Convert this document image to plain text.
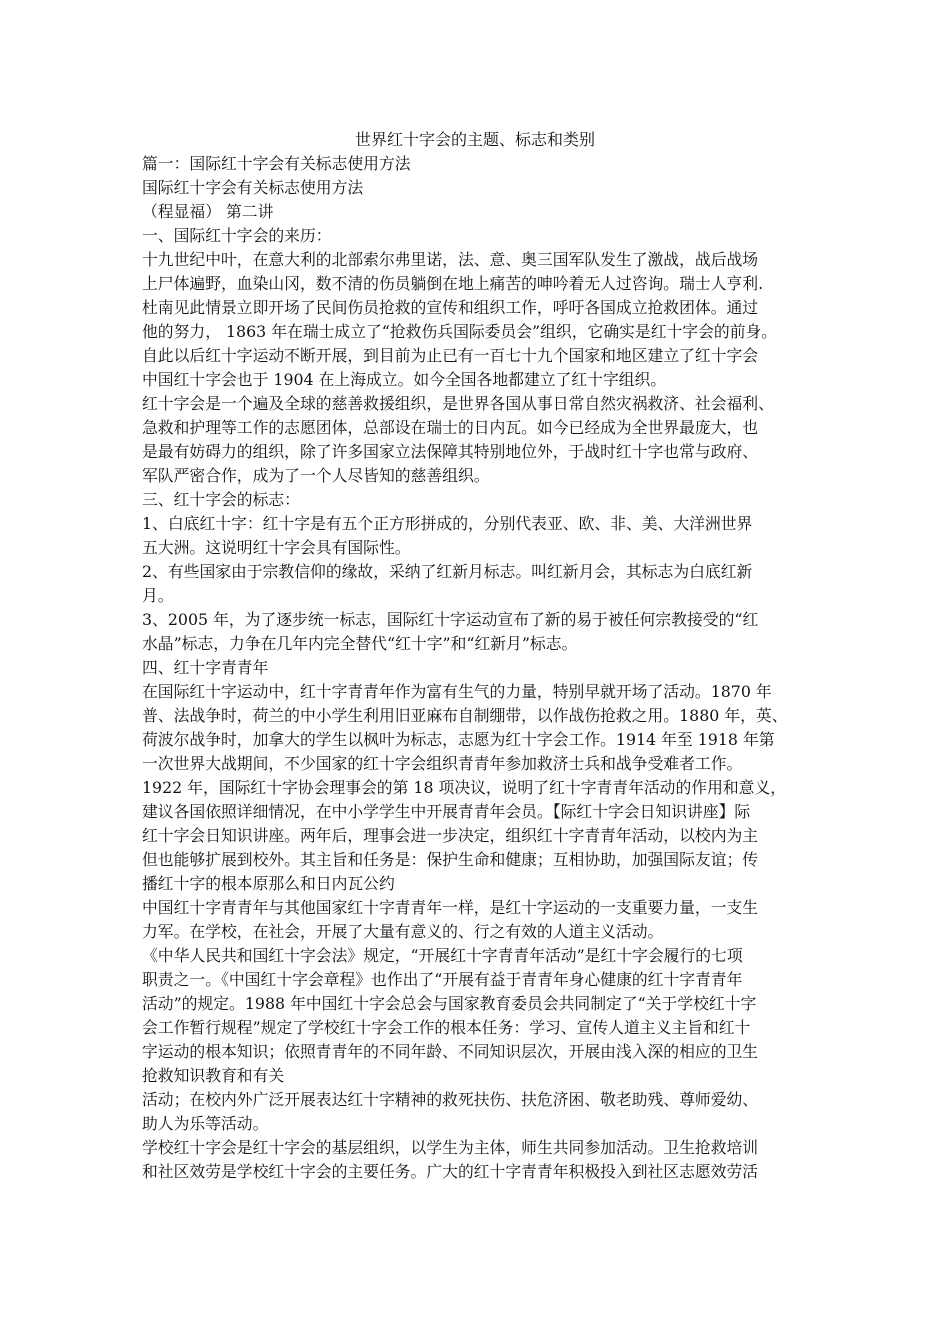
世界红十字会的主题、标志和类别
篇一：国际红十字会有关标志使用方法
国际红十字会有关标志使用方法
（程显福） 第二讲
一、国际红十字会的来历：
十九世纪中叶，在意大利的北部索尔弗里诺，法、意、奥三国军队发生了激战，战后战场
上尸体遍野，血染山冈，数不清的伤员躺倒在地上痛苦的呻吟着无人过咨询。瑞士人亨利.
杜南见此情景立即开场了民间伤员抢救的宣传和组织工作，呼吁各国成立抢救团体。通过
他的努力， 1863 年在瑞士成立了“抢救伤兵国际委员会”组织，它确实是红十字会的前身。
自此以后红十字运动不断开展，到目前为止已有一百七十九个国家和地区建立了红十字会
中国红十字会也于 1904 在上海成立。如今全国各地都建立了红十字组织。
红十字会是一个遍及全球的慈善救援组织，是世界各国从事日常自然灾祸救济、社会福利、
急救和护理等工作的志愿团体，总部设在瑞士的日内瓦。如今已经成为全世界最庞大，也
是最有妨碍力的组织，除了许多国家立法保障其特别地位外，于战时红十字也常与政府、
军队严密合作，成为了一个人尽皆知的慈善组织。
三、红十字会的标志：
1、白底红十字：红十字是有五个正方形拼成的，分别代表亚、欧、非、美、大洋洲世界
五大洲。这说明红十字会具有国际性。
2、有些国家由于宗教信仰的缘故，采纳了红新月标志。叫红新月会，其标志为白底红新
月。
3、2005 年，为了逐步统一标志，国际红十字运动宣布了新的易于被任何宗教接受的“红
水晶”标志，力争在几年内完全替代“红十字”和“红新月”标志。
四、红十字青青年
在国际红十字运动中，红十字青青年作为富有生气的力量，特别早就开场了活动。1870 年
普、法战争时，荷兰的中小学生利用旧亚麻布自制绷带，以作战伤抢救之用。1880 年，英、
荷波尔战争时，加拿大的学生以枫叶为标志，志愿为红十字会工作。1914 年至 1918 年第
一次世界大战期间，不少国家的红十字会组织青青年参加救济士兵和战争受难者工作。
1922 年，国际红十字协会理事会的第 18 项决议，说明了红十字青青年活动的作用和意义，
建议各国依照详细情况，在中小学学生中开展青青年会员。【际红十字会日知识讲座】际
红十字会日知识讲座。两年后，理事会进一步决定，组织红十字青青年活动，以校内为主
但也能够扩展到校外。其主旨和任务是：保护生命和健康；互相协助，加强国际友谊；传
播红十字的根本原那么和日内瓦公约
中国红十字青青年与其他国家红十字青青年一样，是红十字运动的一支重要力量，一支生
力军。在学校，在社会，开展了大量有意义的、行之有效的人道主义活动。
《中华人民共和国红十字会法》规定，“开展红十字青青年活动”是红十字会履行的七项
职责之一。《中国红十字会章程》也作出了“开展有益于青青年身心健康的红十字青青年
活动”的规定。1988 年中国红十字会总会与国家教育委员会共同制定了“关于学校红十字
会工作暂行规程”规定了学校红十字会工作的根本任务：学习、宣传人道主义主旨和红十
字运动的根本知识；依照青青年的不同年龄、不同知识层次，开展由浅入深的相应的卫生
抢救知识教育和有关
活动；在校内外广泛开展表达红十字精神的救死扶伤、扶危济困、敬老助残、尊师爱幼、
助人为乐等活动。
学校红十字会是红十字会的基层组织，以学生为主体，师生共同参加活动。卫生抢救培训
和社区效劳是学校红十字会的主要任务。广大的红十字青青年积极投入到社区志愿效劳活
